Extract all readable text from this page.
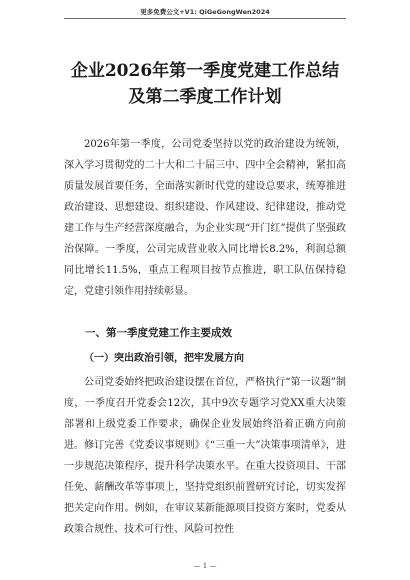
更多免费公文+V1: QiGeGongWen2024
企业2026年第一季度党建工作总结及第二季度工作计划

2026年第一季度，公司党委坚持以党的政治建设为统领，深入学习贯彻党的二十大和二十届三中、四中全会精神，紧扣高质量发展首要任务，全面落实新时代党的建设总要求，统筹推进政治建设、思想建设、组织建设、作风建设、纪律建设，推动党建工作与生产经营深度融合，为企业实现“开门红”提供了坚强政治保障。一季度，公司完成营业收入同比增长8.2%，利润总额同比增长11.5%，重点工程项目按节点推进，职工队伍保持稳定，党建引领作用持续彰显。

一、第一季度党建工作主要成效
（一）突出政治引领，把牢发展方向

公司党委始终把政治建设摆在首位，严格执行“第一议题”制度，一季度召开党委会12次，其中9次专题学习党XX重大决策部署和上级党委工作要求，确保企业发展始终沿着正确方向前进。修订完善《党委议事规则》《“三重一大”决策事项清单》，进一步规范决策程序，提升科学决策水平。在重大投资项目、干部任免、薪酬改革等事项上，坚持党组织前置研究讨论，切实发挥把关定向作用。例如，在审议某新能源项目投资方案时，党委从政策合规性、技术可行性、风险可控性

— 1 —
